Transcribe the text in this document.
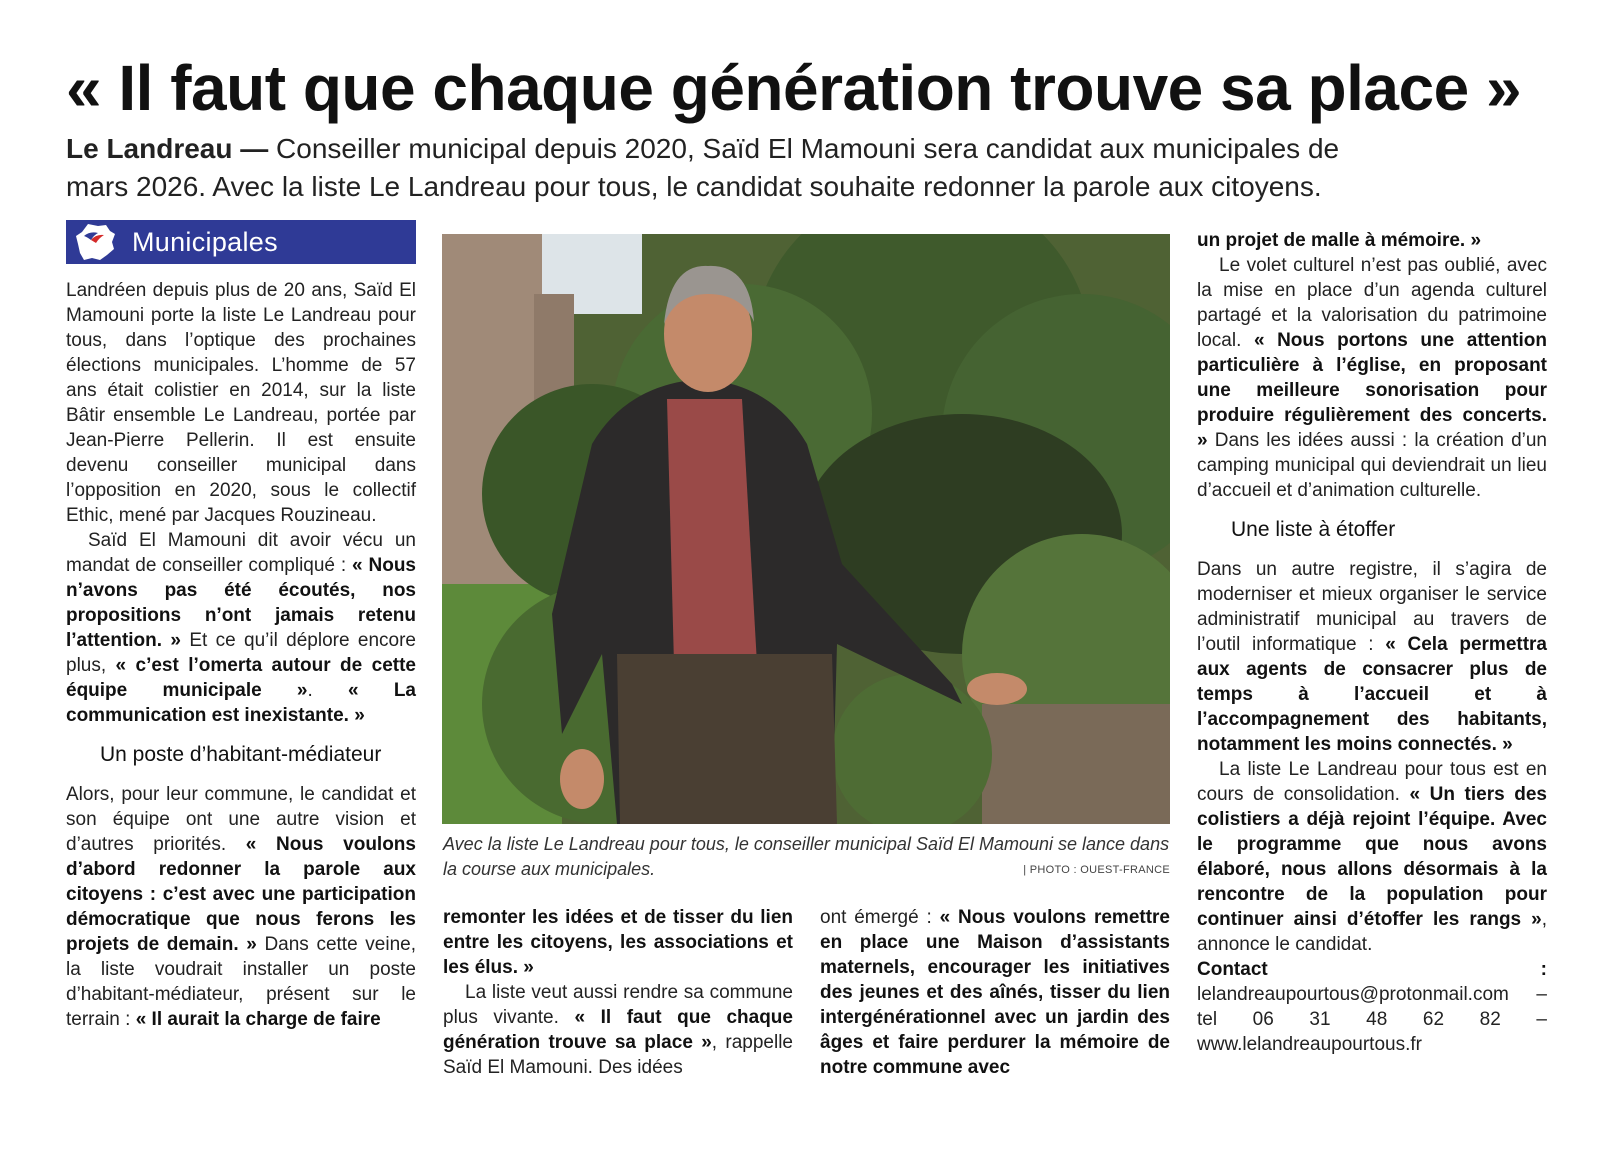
« Il faut que chaque génération trouve sa place »

Le Landreau — Conseiller municipal depuis 2020, Saïd El Mamouni sera candidat aux municipales de mars 2026. Avec la liste Le Landreau pour tous, le candidat souhaite redonner la parole aux citoyens.

Municipales

Landréen depuis plus de 20 ans, Saïd El Mamouni porte la liste Le Landreau pour tous, dans l’optique des prochaines élections municipales. L’homme de 57 ans était colistier en 2014, sur la liste Bâtir ensemble Le Landreau, portée par Jean-Pierre Pellerin. Il est ensuite devenu conseiller municipal dans l’opposition en 2020, sous le collectif Ethic, mené par Jacques Rouzineau.

Saïd El Mamouni dit avoir vécu un mandat de conseiller compliqué : « Nous n’avons pas été écoutés, nos propositions n’ont jamais retenu l’attention. » Et ce qu’il déplore encore plus, « c’est l’omerta autour de cette équipe municipale ». « La communication est inexistante. »

Un poste d’habitant-médiateur

Alors, pour leur commune, le candidat et son équipe ont une autre vision et d’autres priorités. « Nous voulons d’abord redonner la parole aux citoyens : c’est avec une participation démocratique que nous ferons les projets de demain. » Dans cette veine, la liste voudrait installer un poste d’habitant-médiateur, présent sur le terrain : « Il aurait la charge de faire

Avec la liste Le Landreau pour tous, le conseiller municipal Saïd El Mamouni se lance dans la course aux municipales.	| PHOTO : OUEST-FRANCE

remonter les idées et de tisser du lien entre les citoyens, les associations et les élus. »

La liste veut aussi rendre sa commune plus vivante. « Il faut que chaque génération trouve sa place », rappelle Saïd El Mamouni. Des idées

ont émergé : « Nous voulons remettre en place une Maison d’assistants maternels, encourager les initiatives des jeunes et des aînés, tisser du lien intergénérationnel avec un jardin des âges et faire perdurer la mémoire de notre commune avec

un projet de malle à mémoire. »

Le volet culturel n’est pas oublié, avec la mise en place d’un agenda culturel partagé et la valorisation du patrimoine local. « Nous portons une attention particulière à l’église, en proposant une meilleure sonorisation pour produire régulièrement des concerts. » Dans les idées aussi : la création d’un camping municipal qui deviendrait un lieu d’accueil et d’animation culturelle.

Une liste à étoffer

Dans un autre registre, il s’agira de moderniser et mieux organiser le service administratif municipal au travers de l’outil informatique : « Cela permettra aux agents de consacrer plus de temps à l’accueil et à l’accompagnement des habitants, notamment les moins connectés. »

La liste Le Landreau pour tous est en cours de consolidation. « Un tiers des colistiers a déjà rejoint l’équipe. Avec le programme que nous avons élaboré, nous allons désormais à la rencontre de la population pour continuer ainsi d’étoffer les rangs », annonce le candidat.

Contact : lelandreaupourtous@protonmail.com – tel 06 31 48 62 82 – www.lelandreaupourtous.fr
